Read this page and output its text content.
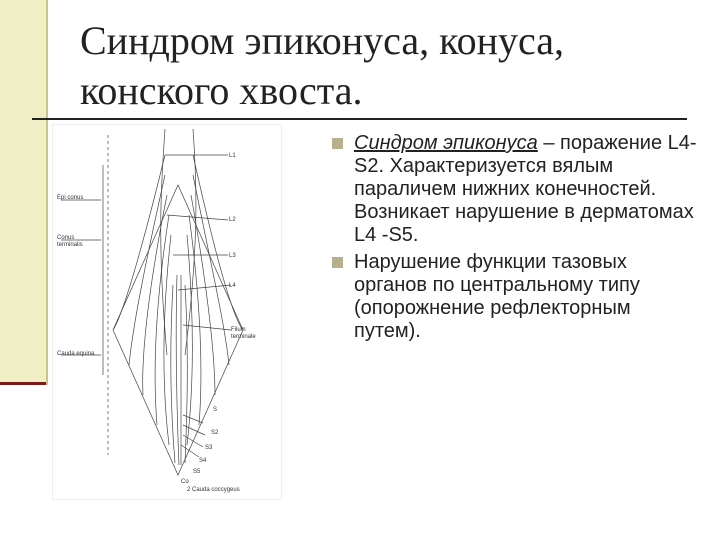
Синдром эпиконуса, конуса,
конского хвоста.
Epi conus
Conus terminalis
Cauda equina
L1
L2
L3
L4
Filum terminale
S
S2
S3
S4
S5
Co
2 Cauda coccygeus
Синдром эпиконуса – поражение L4-S2. Характеризуется вялым параличем нижних конечностей. Возникает нарушение в дерматомах L4 -S5.
Нарушение функции тазовых органов по центральному типу (опорожнение рефлекторным путем).
